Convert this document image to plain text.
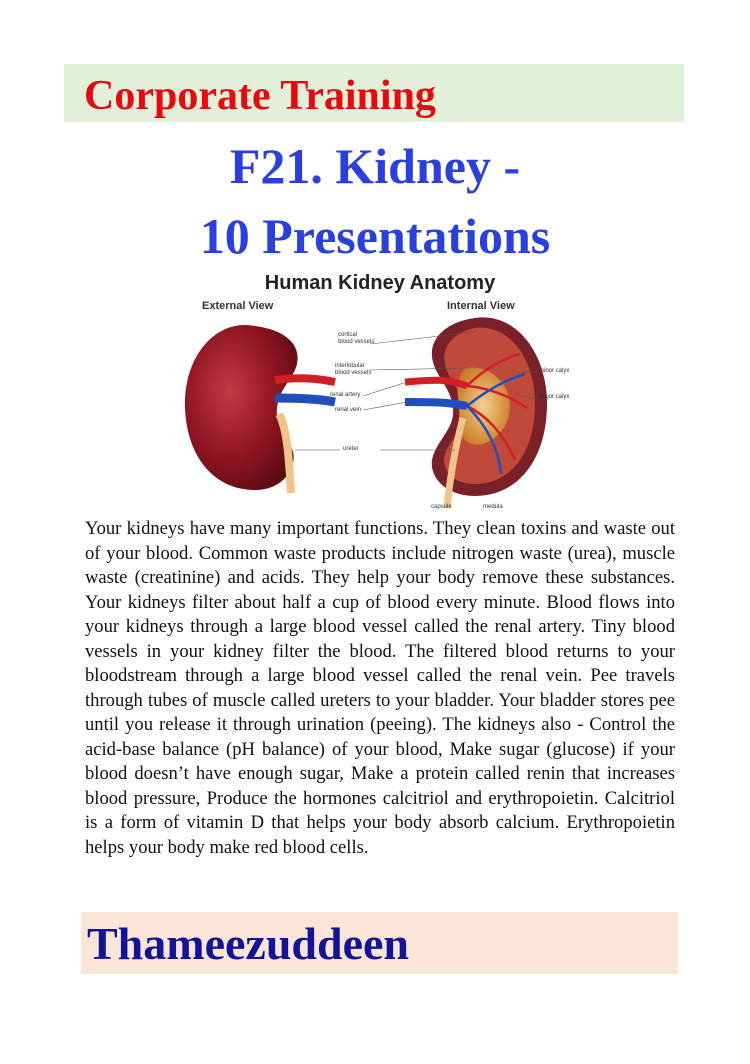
Corporate Training
F21. Kidney -
10 Presentations
Human Kidney Anatomy
External View	Internal View
cortical
blood vessels
interlobular
blood vessels
renal artery
renal vein
ureter
minor calyx
major calyx
capsule	medula

Your kidneys have many important functions. They clean toxins and waste out of your blood. Common waste products include nitrogen waste (urea), muscle waste (creatinine) and acids. They help your body remove these substances. Your kidneys filter about half a cup of blood every minute. Blood flows into your kidneys through a large blood vessel called the renal artery. Tiny blood vessels in your kidney filter the blood. The filtered blood returns to your bloodstream through a large blood vessel called the renal vein. Pee travels through tubes of muscle called ureters to your bladder. Your bladder stores pee until you release it through urination (peeing). The kidneys also - Control the acid-base balance (pH balance) of your blood, Make sugar (glucose) if your blood doesn’t have enough sugar, Make a protein called renin that increases blood pressure, Produce the hormones calcitriol and erythropoietin. Calcitriol is a form of vitamin D that helps your body absorb calcium. Erythropoietin helps your body make red blood cells.

Thameezuddeen
